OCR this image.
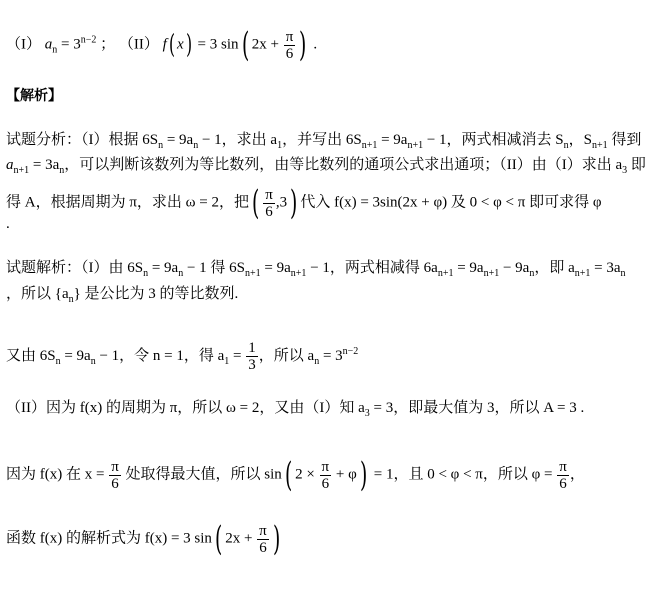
（I） $a_n = 3^{n-2}$ ； （II） f( x) = 3 sin( $2x + \frac{\pi}{6}$ ) .
【解析】
试题分析：（I）根据 $6S_n = 9a_n - 1$，求出 $a_1$，并写出 $6S_{n+1} = 9a_{n+1} - 1$，两式相减消去 $S_n$，$S_{n+1}$ 得到
$a_{n+1} = 3a_n$，可以判断该数列为等比数列，由等比数列的通项公式求出通项；（II）由（I）求出 $a_3$ 即
得 A，根据周期为 π，求出 ω = 2，把( $\frac{\pi}{6} ,3$) 代入 f(x) = 3sin(2x + φ) 及 0 < φ < π 即可求得 φ
.
试题解析：（I）由 $6S_n = 9a_n - 1$ 得 $6S_{n+1} = 9a_{n+1} - 1$，两式相减得 $6a_{n+1} = 9a_{n+1} - 9a_n$，即 $a_{n+1} = 3a_n$
，所以 $\{a_n\}$ 是公比为 3 的等比数列.
又由 $6S_n = 9a_n - 1$，令 n = 1，得 $a_1 = \frac{1}{3}$ ，所以 $a_n = 3^{n-2}$
（II）因为 f(x) 的周期为 π，所以 ω = 2，又由（I）知 $a_3 = 3$，即最大值为 3，所以 A = 3 .
因为 f(x) 在 $x = \frac{\pi}{6}$ 处取得最大值，所以 sin( $2 \times \frac{\pi}{6} + \varphi) = 1$，且 0 < φ < π，所以 $\varphi = \frac{\pi}{6}$ ，
函数 f(x) 的解析式为 f(x) = 3 sin( $2x + \frac{\pi}{6}$ )
